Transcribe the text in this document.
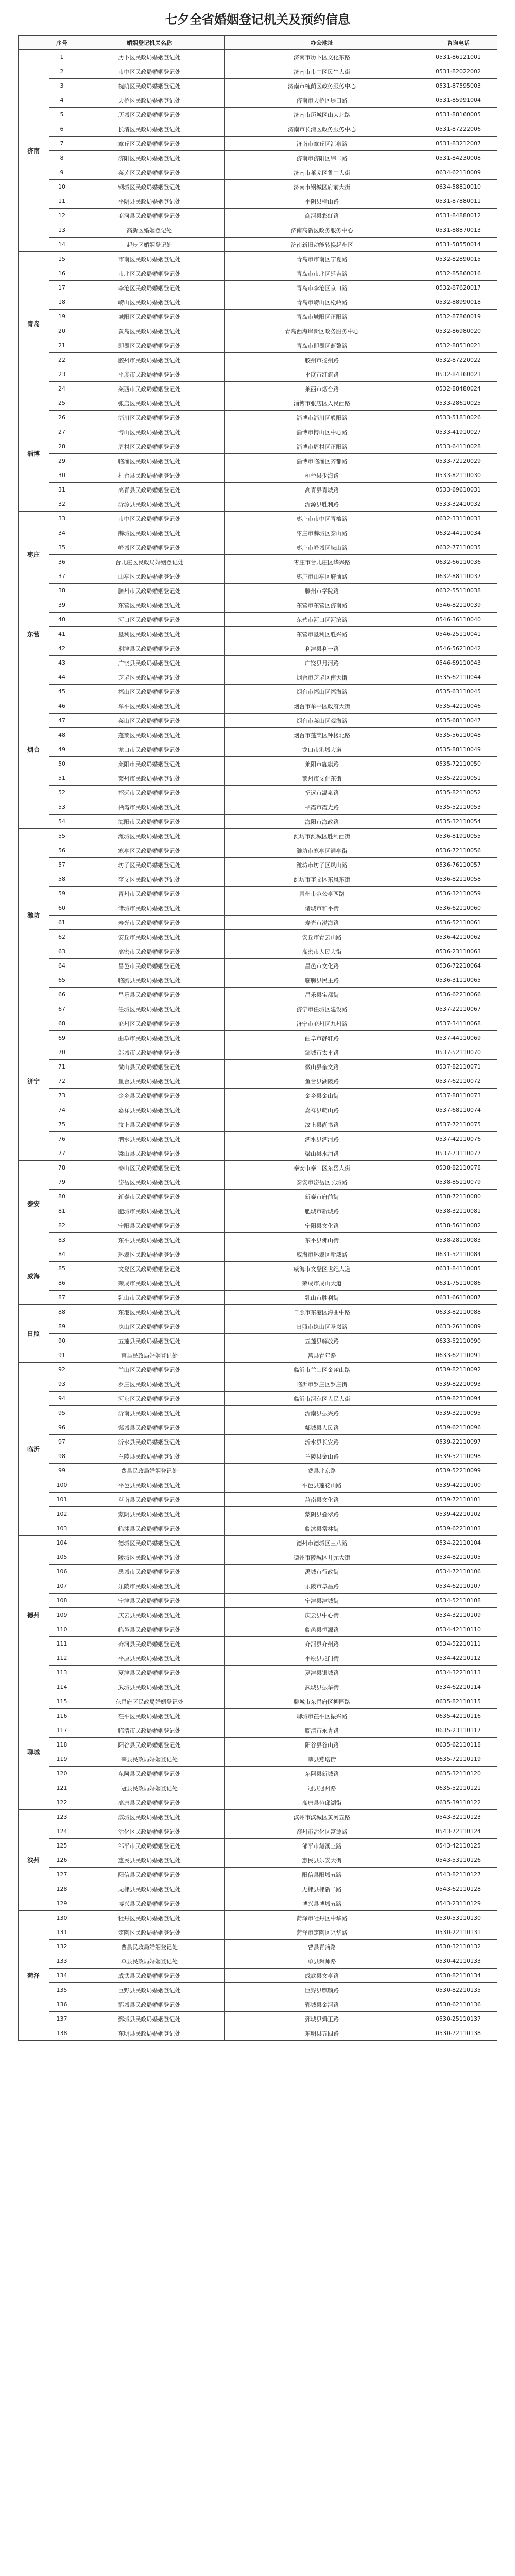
七夕全省婚姻登记机关及预约信息
	序号	婚姻登记机关名称	办公地址	咨询电话
济南	1	历下区民政局婚姻登记处	济南市历下区文化东路	0531-86121001
	2	市中区民政局婚姻登记处	济南市市中区民生大街	0531-82022002
	3	槐荫区民政局婚姻登记处	济南市槐荫区政务服务中心	0531-87595003
	4	天桥区民政局婚姻登记处	济南市天桥区堤口路	0531-85991004
	5	历城区民政局婚姻登记处	济南市历城区山大北路	0531-88160005
	6	长清区民政局婚姻登记处	济南市长清区政务服务中心	0531-87222006
	7	章丘区民政局婚姻登记处	济南市章丘区汇泉路	0531-83212007
	8	济阳区民政局婚姻登记处	济南市济阳区纬二路	0531-84230008
	9	莱芜区民政局婚姻登记处	济南市莱芜区鲁中大街	0634-62110009
	10	钢城区民政局婚姻登记处	济南市钢城区府前大街	0634-58810010
	11	平阴县民政局婚姻登记处	平阴县榆山路	0531-87880011
	12	商河县民政局婚姻登记处	商河县彩虹路	0531-84880012
	13	高新区婚姻登记处	济南高新区政务服务中心	0531-88870013
	14	起步区婚姻登记处	济南新旧动能转换起步区	0531-58550014
青岛	15	市南区民政局婚姻登记处	青岛市市南区宁夏路	0532-82890015
	16	市北区民政局婚姻登记处	青岛市市北区延吉路	0532-85860016
	17	李沧区民政局婚姻登记处	青岛市李沧区京口路	0532-87620017
	18	崂山区民政局婚姻登记处	青岛市崂山区松岭路	0532-88990018
	19	城阳区民政局婚姻登记处	青岛市城阳区正阳路	0532-87860019
	20	黄岛区民政局婚姻登记处	青岛西海岸新区政务服务中心	0532-86980020
	21	即墨区民政局婚姻登记处	青岛市即墨区蓝鳌路	0532-88510021
	22	胶州市民政局婚姻登记处	胶州市扬州路	0532-87220022
	23	平度市民政局婚姻登记处	平度市红旗路	0532-84360023
	24	莱西市民政局婚姻登记处	莱西市烟台路	0532-88480024
淄博	25	张店区民政局婚姻登记处	淄博市张店区人民西路	0533-28610025
	26	淄川区民政局婚姻登记处	淄博市淄川区般阳路	0533-51810026
	27	博山区民政局婚姻登记处	淄博市博山区中心路	0533-41910027
	28	周村区民政局婚姻登记处	淄博市周村区正阳路	0533-64110028
	29	临淄区民政局婚姻登记处	淄博市临淄区齐都路	0533-72120029
	30	桓台县民政局婚姻登记处	桓台县少海路	0533-82110030
	31	高青县民政局婚姻登记处	高青县青城路	0533-69610031
	32	沂源县民政局婚姻登记处	沂源县胜利路	0533-32410032
枣庄	33	市中区民政局婚姻登记处	枣庄市市中区青檀路	0632-33110033
	34	薛城区民政局婚姻登记处	枣庄市薛城区泰山路	0632-44110034
	35	峄城区民政局婚姻登记处	枣庄市峄城区坛山路	0632-77110035
	36	台儿庄区民政局婚姻登记处	枣庄市台儿庄区华兴路	0632-66110036
	37	山亭区民政局婚姻登记处	枣庄市山亭区府前路	0632-88110037
	38	滕州市民政局婚姻登记处	滕州市学院路	0632-55110038
东营	39	东营区民政局婚姻登记处	东营市东营区济南路	0546-82110039
	40	河口区民政局婚姻登记处	东营市河口区河滨路	0546-36110040
	41	垦利区民政局婚姻登记处	东营市垦利区胜兴路	0546-25110041
	42	利津县民政局婚姻登记处	利津县利一路	0546-56210042
	43	广饶县民政局婚姻登记处	广饶县月河路	0546-69110043
烟台	44	芝罘区民政局婚姻登记处	烟台市芝罘区南大街	0535-62110044
	45	福山区民政局婚姻登记处	烟台市福山区福海路	0535-63110045
	46	牟平区民政局婚姻登记处	烟台市牟平区政府大街	0535-42110046
	47	莱山区民政局婚姻登记处	烟台市莱山区观海路	0535-68110047
	48	蓬莱区民政局婚姻登记处	烟台市蓬莱区钟楼北路	0535-56110048
	49	龙口市民政局婚姻登记处	龙口市港城大道	0535-88110049
	50	莱阳市民政局婚姻登记处	莱阳市旌旗路	0535-72110050
	51	莱州市民政局婚姻登记处	莱州市文化东街	0535-22110051
	52	招远市民政局婚姻登记处	招远市温泉路	0535-82110052
	53	栖霞市民政局婚姻登记处	栖霞市霞光路	0535-52110053
	54	海阳市民政局婚姻登记处	海阳市海政路	0535-32110054
潍坊	55	潍城区民政局婚姻登记处	潍坊市潍城区胜利西街	0536-81910055
	56	寒亭区民政局婚姻登记处	潍坊市寒亭区通亭街	0536-72110056
	57	坊子区民政局婚姻登记处	潍坊市坊子区凤山路	0536-76110057
	58	奎文区民政局婚姻登记处	潍坊市奎文区东风东街	0536-82110058
	59	青州市民政局婚姻登记处	青州市范公亭西路	0536-32110059
	60	诸城市民政局婚姻登记处	诸城市和平街	0536-62110060
	61	寿光市民政局婚姻登记处	寿光市渤海路	0536-52110061
	62	安丘市民政局婚姻登记处	安丘市青云山路	0536-42110062
	63	高密市民政局婚姻登记处	高密市人民大街	0536-23110063
	64	昌邑市民政局婚姻登记处	昌邑市文化路	0536-72210064
	65	临朐县民政局婚姻登记处	临朐县民主路	0536-31110065
	66	昌乐县民政局婚姻登记处	昌乐县宝都街	0536-62210066
济宁	67	任城区民政局婚姻登记处	济宁市任城区建设路	0537-22110067
	68	兖州区民政局婚姻登记处	济宁市兖州区九州路	0537-34110068
	69	曲阜市民政局婚姻登记处	曲阜市静轩路	0537-44110069
	70	邹城市民政局婚姻登记处	邹城市太平路	0537-52110070
	71	微山县民政局婚姻登记处	微山县奎文路	0537-82110071
	72	鱼台县民政局婚姻登记处	鱼台县湖陵路	0537-62110072
	73	金乡县民政局婚姻登记处	金乡县金山街	0537-88110073
	74	嘉祥县民政局婚姻登记处	嘉祥县萌山路	0537-68110074
	75	汶上县民政局婚姻登记处	汶上县尚书路	0537-72110075
	76	泗水县民政局婚姻登记处	泗水县泗河路	0537-42110076
	77	梁山县民政局婚姻登记处	梁山县水泊路	0537-73110077
泰安	78	泰山区民政局婚姻登记处	泰安市泰山区东岳大街	0538-82110078
	79	岱岳区民政局婚姻登记处	泰安市岱岳区长城路	0538-85110079
	80	新泰市民政局婚姻登记处	新泰市府前街	0538-72110080
	81	肥城市民政局婚姻登记处	肥城市新城路	0538-32110081
	82	宁阳县民政局婚姻登记处	宁阳县文化路	0538-56110082
	83	东平县民政局婚姻登记处	东平县佛山街	0538-28110083
威海	84	环翠区民政局婚姻登记处	威海市环翠区新威路	0631-52110084
	85	文登区民政局婚姻登记处	威海市文登区世纪大道	0631-84110085
	86	荣成市民政局婚姻登记处	荣成市成山大道	0631-75110086
	87	乳山市民政局婚姻登记处	乳山市胜利街	0631-66110087
日照	88	东港区民政局婚姻登记处	日照市东港区海曲中路	0633-82110088
	89	岚山区民政局婚姻登记处	日照市岚山区圣岚路	0633-26110089
	90	五莲县民政局婚姻登记处	五莲县解放路	0633-52110090
	91	莒县民政局婚姻登记处	莒县青年路	0633-62110091
临沂	92	兰山区民政局婚姻登记处	临沂市兰山区金雀山路	0539-82110092
	93	罗庄区民政局婚姻登记处	临沂市罗庄区罗庄街	0539-82210093
	94	河东区民政局婚姻登记处	临沂市河东区人民大街	0539-82310094
	95	沂南县民政局婚姻登记处	沂南县振兴路	0539-32110095
	96	郯城县民政局婚姻登记处	郯城县人民路	0539-62110096
	97	沂水县民政局婚姻登记处	沂水县长安路	0539-22110097
	98	兰陵县民政局婚姻登记处	兰陵县金山路	0539-52110098
	99	费县民政局婚姻登记处	费县北京路	0539-52210099
	100	平邑县民政局婚姻登记处	平邑县莲花山路	0539-42110100
	101	莒南县民政局婚姻登记处	莒南县文化路	0539-72110101
	102	蒙阴县民政局婚姻登记处	蒙阴县叠翠路	0539-42210102
	103	临沭县民政局婚姻登记处	临沭县常林街	0539-62210103
德州	104	德城区民政局婚姻登记处	德州市德城区三八路	0534-22110104
	105	陵城区民政局婚姻登记处	德州市陵城区开元大街	0534-82110105
	106	禹城市民政局婚姻登记处	禹城市行政街	0534-72110106
	107	乐陵市民政局婚姻登记处	乐陵市阜昌路	0534-62110107
	108	宁津县民政局婚姻登记处	宁津县津城街	0534-52110108
	109	庆云县民政局婚姻登记处	庆云县中心街	0534-32110109
	110	临邑县民政局婚姻登记处	临邑县恒源路	0534-42110110
	111	齐河县民政局婚姻登记处	齐河县齐州路	0534-52210111
	112	平原县民政局婚姻登记处	平原县龙门街	0534-42210112
	113	夏津县民政局婚姻登记处	夏津县银城路	0534-32210113
	114	武城县民政局婚姻登记处	武城县振华街	0534-62210114
聊城	115	东昌府区民政局婚姻登记处	聊城市东昌府区柳园路	0635-82110115
	116	茌平区民政局婚姻登记处	聊城市茌平区振兴路	0635-42110116
	117	临清市民政局婚姻登记处	临清市永青路	0635-23110117
	118	阳谷县民政局婚姻登记处	阳谷县谷山路	0635-62110118
	119	莘县民政局婚姻登记处	莘县燕塔街	0635-72110119
	120	东阿县民政局婚姻登记处	东阿县新城路	0635-32110120
	121	冠县民政局婚姻登记处	冠县冠州路	0635-52110121
	122	高唐县民政局婚姻登记处	高唐县鱼邱湖街	0635-39110122
滨州	123	滨城区民政局婚姻登记处	滨州市滨城区黄河五路	0543-32110123
	124	沾化区民政局婚姻登记处	滨州市沾化区富源路	0543-72110124
	125	邹平市民政局婚姻登记处	邹平市黛溪三路	0543-42110125
	126	惠民县民政局婚姻登记处	惠民县乐安大街	0543-53110126
	127	阳信县民政局婚姻登记处	阳信县阳城五路	0543-82110127
	128	无棣县民政局婚姻登记处	无棣县棣新二路	0543-62110128
	129	博兴县民政局婚姻登记处	博兴县博城五路	0543-23110129
菏泽	130	牡丹区民政局婚姻登记处	菏泽市牡丹区中华路	0530-53110130
	131	定陶区民政局婚姻登记处	菏泽市定陶区兴华路	0530-22110131
	132	曹县民政局婚姻登记处	曹县青菏路	0530-32110132
	133	单县民政局婚姻登记处	单县舜师路	0530-42110133
	134	成武县民政局婚姻登记处	成武县文亭路	0530-82110134
	135	巨野县民政局婚姻登记处	巨野县麒麟路	0530-82210135
	136	郓城县民政局婚姻登记处	郓城县金河路	0530-62110136
	137	鄄城县民政局婚姻登记处	鄄城县舜王路	0530-25110137
	138	东明县民政局婚姻登记处	东明县五四路	0530-72110138
